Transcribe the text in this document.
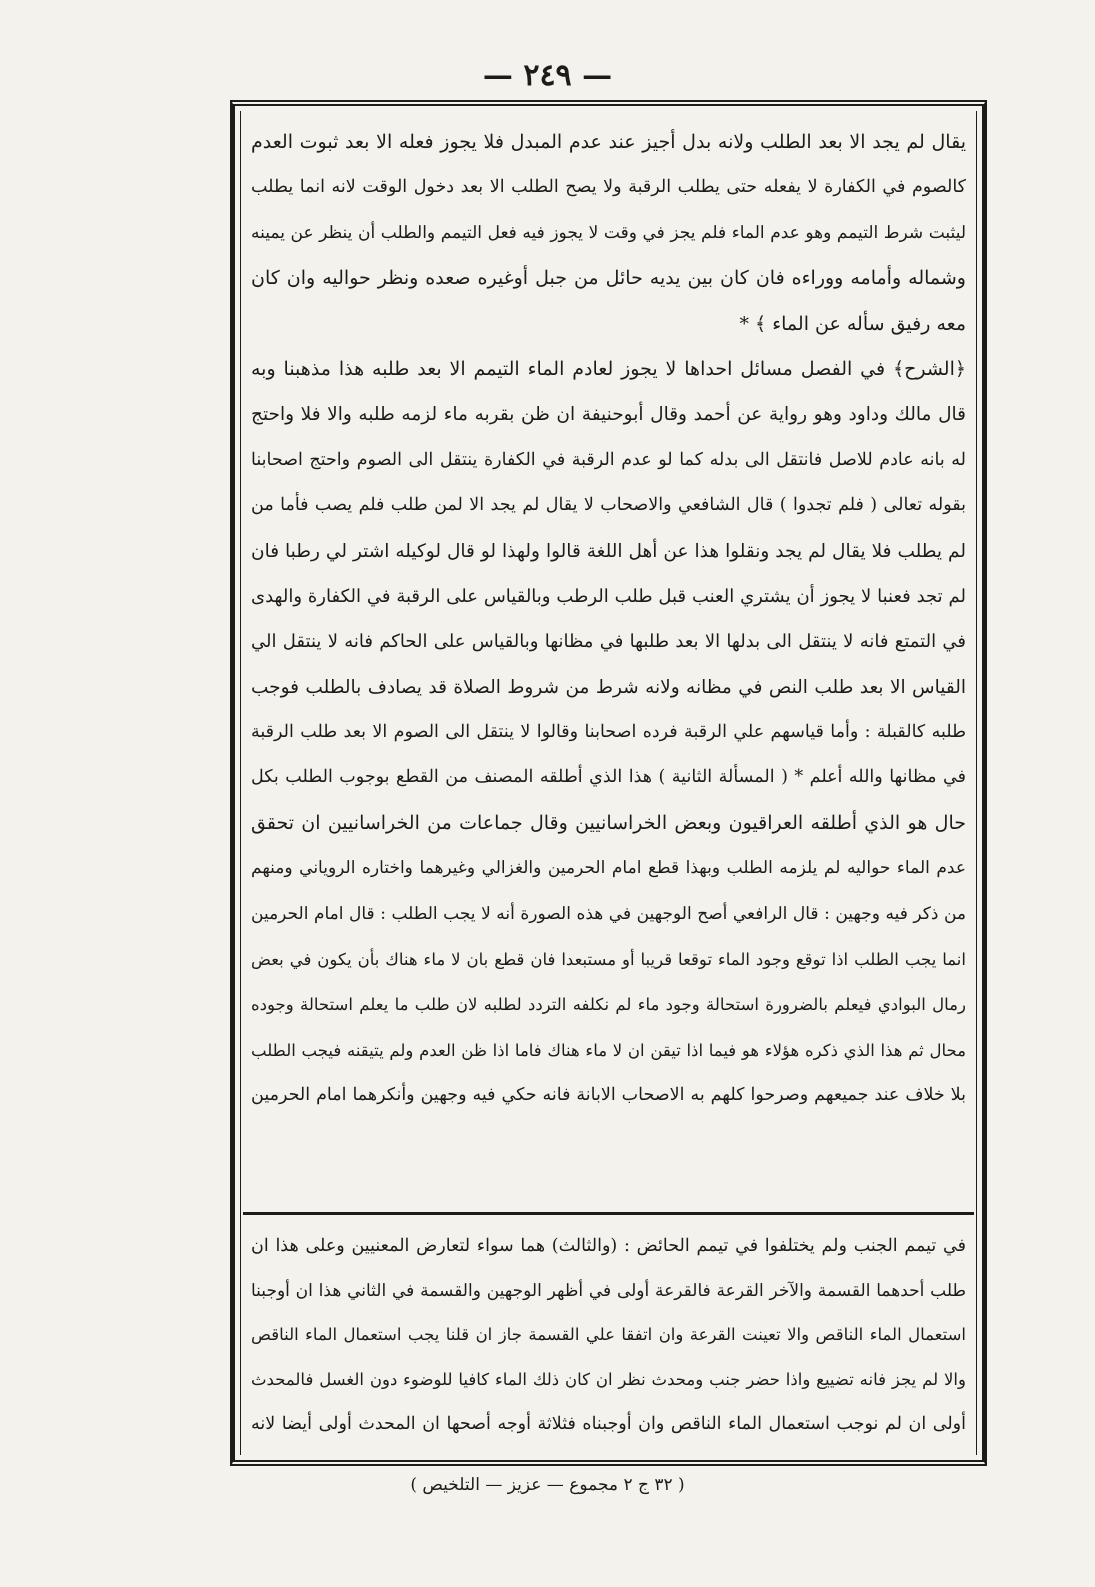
— ٢٤٩ —
يقال لم يجد الا بعد الطلب ولانه بدل أجيز عند عدم المبدل فلا يجوز فعله الا بعد ثبوت العدم
كالصوم في الكفارة لا يفعله حتى يطلب الرقبة ولا يصح الطلب الا بعد دخول الوقت لانه انما يطلب
ليثبت شرط التيمم وهو عدم الماء فلم يجز في وقت لا يجوز فيه فعل التيمم والطلب أن ينظر عن يمينه
وشماله وأمامه ووراءه فان كان بين يديه حائل من جبل أوغيره صعده ونظر حواليه وان كان
معه رفيق سأله عن الماء ﴾ *
﴿الشرح﴾ في الفصل مسائل احداها لا يجوز لعادم الماء التيمم الا بعد طلبه هذا مذهبنا وبه
قال مالك وداود وهو رواية عن أحمد وقال أبوحنيفة ان ظن بقربه ماء لزمه طلبه والا فلا واحتج
له بانه عادم للاصل فانتقل الى بدله كما لو عدم الرقبة في الكفارة ينتقل الى الصوم واحتج اصحابنا
بقوله تعالى ( فلم تجدوا ) قال الشافعي والاصحاب لا يقال لم يجد الا لمن طلب فلم يصب فأما من
لم يطلب فلا يقال لم يجد ونقلوا هذا عن أهل اللغة قالوا ولهذا لو قال لوكيله اشتر لي رطبا فان
لم تجد فعنبا لا يجوز أن يشتري العنب قبل طلب الرطب وبالقياس على الرقبة في الكفارة والهدى
في التمتع فانه لا ينتقل الى بدلها الا بعد طلبها في مظانها وبالقياس على الحاكم فانه لا ينتقل الي
القياس الا بعد طلب النص في مظانه ولانه شرط من شروط الصلاة قد يصادف بالطلب فوجب
طلبه كالقبلة : وأما قياسهم علي الرقبة فرده اصحابنا وقالوا لا ينتقل الى الصوم الا بعد طلب الرقبة
في مظانها والله أعلم * ( المسألة الثانية ) هذا الذي أطلقه المصنف من القطع بوجوب الطلب بكل
حال هو الذي أطلقه العراقيون وبعض الخراسانيين وقال جماعات من الخراسانيين ان تحقق
عدم الماء حواليه لم يلزمه الطلب وبهذا قطع امام الحرمين والغزالي وغيرهما واختاره الروياني ومنهم
من ذكر فيه وجهين : قال الرافعي أصح الوجهين في هذه الصورة أنه لا يجب الطلب : قال امام الحرمين
انما يجب الطلب اذا توقع وجود الماء توقعا قريبا أو مستبعدا فان قطع بان لا ماء هناك بأن يكون في بعض
رمال البوادي فيعلم بالضرورة استحالة وجود ماء لم نكلفه التردد لطلبه لان طلب ما يعلم استحالة وجوده
محال ثم هذا الذي ذكره هؤلاء هو فيما اذا تيقن ان لا ماء هناك فاما اذا ظن العدم ولم يتيقنه فيجب الطلب
بلا خلاف عند جميعهم وصرحوا كلهم به الاصحاب الابانة فانه حكي فيه وجهين وأنكرهما امام الحرمين
في تيمم الجنب ولم يختلفوا في تيمم الحائض : (والثالث) هما سواء لتعارض المعنيين وعلى هذا ان
طلب أحدهما القسمة والآخر القرعة فالقرعة أولى في أظهر الوجهين والقسمة في الثاني هذا ان أوجبنا
استعمال الماء الناقص والا تعينت القرعة وان اتفقا علي القسمة جاز ان قلنا يجب استعمال الماء الناقص
والا لم يجز فانه تضييع واذا حضر جنب ومحدث نظر ان كان ذلك الماء كافيا للوضوء دون الغسل فالمحدث
أولى ان لم نوجب استعمال الماء الناقص وان أوجبناه فثلاثة أوجه أصحها ان المحدث أولى أيضا لانه
( ٣٢ ج ٢ مجموع — عزيز — التلخيص )
